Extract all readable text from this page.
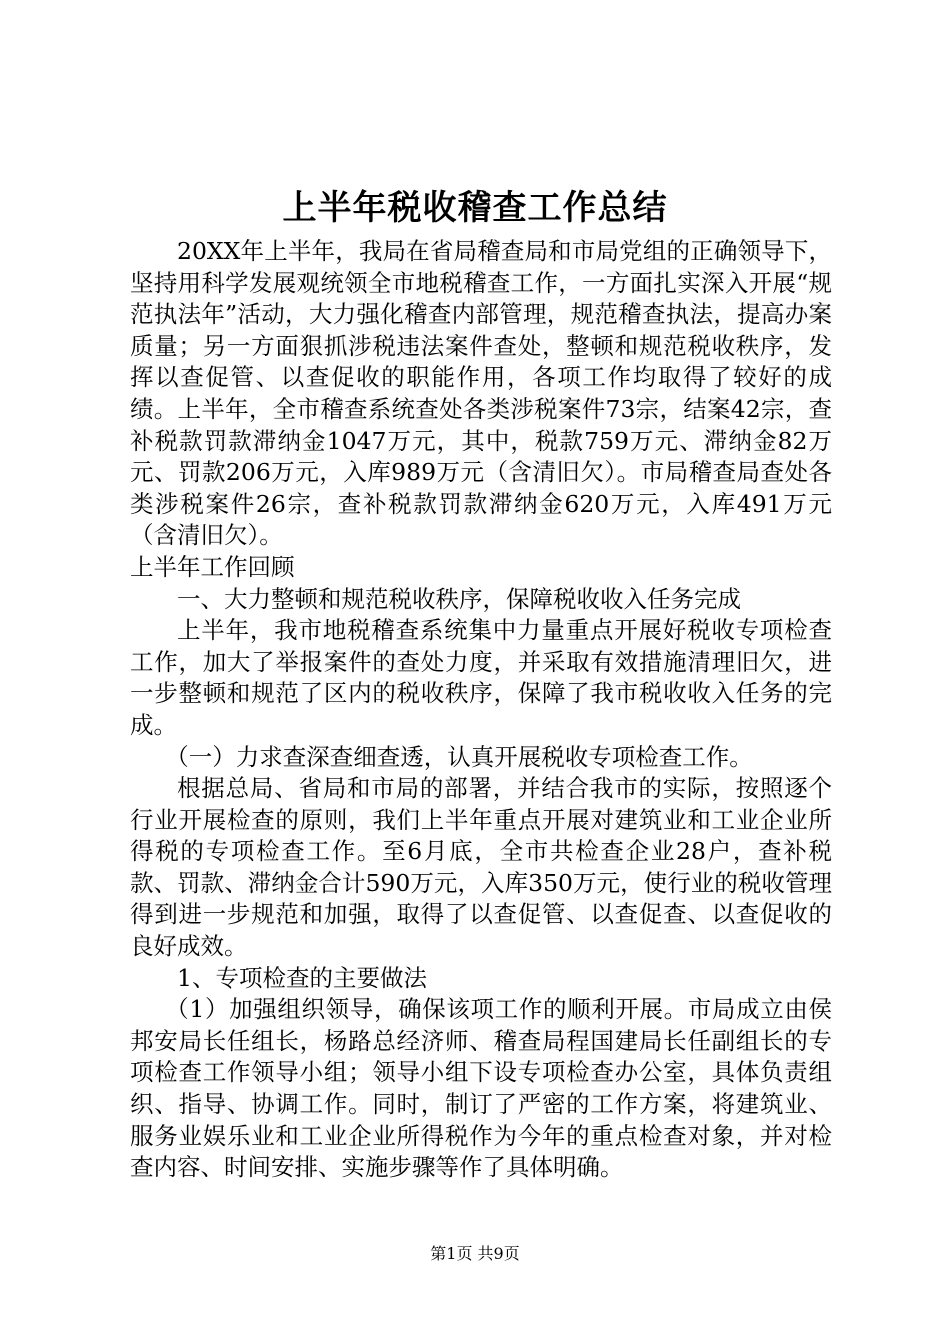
上半年税收稽查工作总结

20XX年上半年，我局在省局稽查局和市局党组的正确领导下，坚持用科学发展观统领全市地税稽查工作，一方面扎实深入开展“规范执法年”活动，大力强化稽查内部管理，规范稽查执法，提高办案质量；另一方面狠抓涉税违法案件查处，整顿和规范税收秩序，发挥以查促管、以查促收的职能作用，各项工作均取得了较好的成绩。上半年，全市稽查系统查处各类涉税案件73宗，结案42宗，查补税款罚款滞纳金1047万元，其中，税款759万元、滞纳金82万元、罚款206万元，入库989万元（含清旧欠）。市局稽查局查处各类涉税案件26宗，查补税款罚款滞纳金620万元，入库491万元（含清旧欠）。

上半年工作回顾

一、大力整顿和规范税收秩序，保障税收收入任务完成

上半年，我市地税稽查系统集中力量重点开展好税收专项检查工作，加大了举报案件的查处力度，并采取有效措施清理旧欠，进一步整顿和规范了区内的税收秩序，保障了我市税收收入任务的完成。

（一）力求查深查细查透，认真开展税收专项检查工作。

根据总局、省局和市局的部署，并结合我市的实际，按照逐个行业开展检查的原则，我们上半年重点开展对建筑业和工业企业所得税的专项检查工作。至6月底，全市共检查企业28户，查补税款、罚款、滞纳金合计590万元，入库350万元，使行业的税收管理得到进一步规范和加强，取得了以查促管、以查促查、以查促收的良好成效。

1、专项检查的主要做法

（1）加强组织领导，确保该项工作的顺利开展。市局成立由侯邦安局长任组长，杨路总经济师、稽查局程国建局长任副组长的专项检查工作领导小组；领导小组下设专项检查办公室，具体负责组织、指导、协调工作。同时，制订了严密的工作方案，将建筑业、服务业娱乐业和工业企业所得税作为今年的重点检查对象，并对检查内容、时间安排、实施步骤等作了具体明确。

第1页 共9页
